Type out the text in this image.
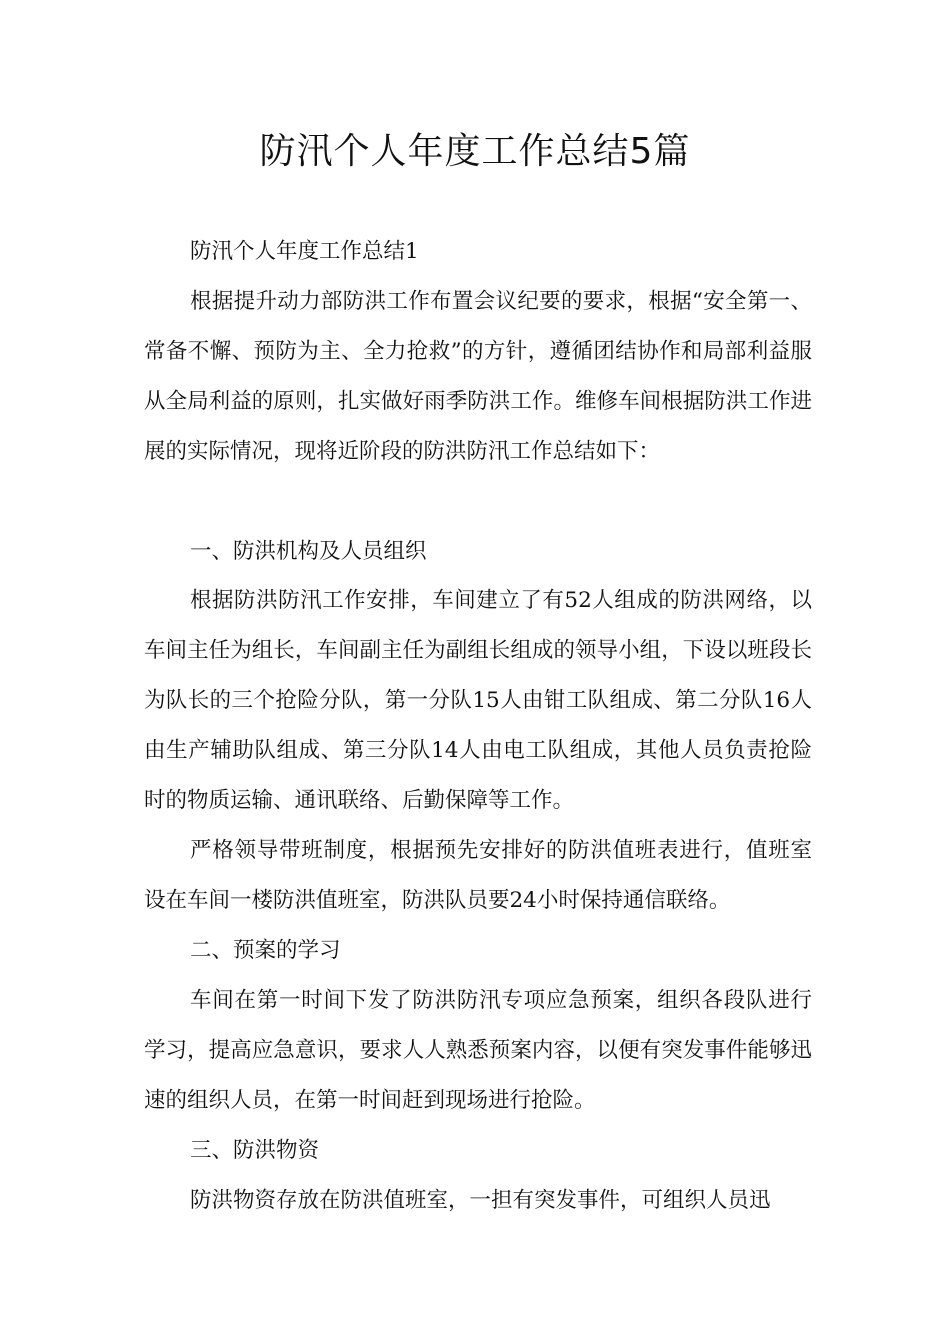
防汛个人年度工作总结5篇
防汛个人年度工作总结1
根据提升动力部防洪工作布置会议纪要的要求，根据“安全第一、常备不懈、预防为主、全力抢救”的方针，遵循团结协作和局部利益服从全局利益的原则，扎实做好雨季防洪工作。维修车间根据防洪工作进展的实际情况，现将近阶段的防洪防汛工作总结如下：
一、防洪机构及人员组织
根据防洪防汛工作安排，车间建立了有52人组成的防洪网络，以车间主任为组长，车间副主任为副组长组成的领导小组，下设以班段长为队长的三个抢险分队，第一分队15人由钳工队组成、第二分队16人由生产辅助队组成、第三分队14人由电工队组成，其他人员负责抢险时的物质运输、通讯联络、后勤保障等工作。
严格领导带班制度，根据预先安排好的防洪值班表进行，值班室设在车间一楼防洪值班室，防洪队员要24小时保持通信联络。
二、预案的学习
车间在第一时间下发了防洪防汛专项应急预案，组织各段队进行学习，提高应急意识，要求人人熟悉预案内容，以便有突发事件能够迅速的组织人员，在第一时间赶到现场进行抢险。
三、防洪物资
防洪物资存放在防洪值班室，一担有突发事件，可组织人员迅
